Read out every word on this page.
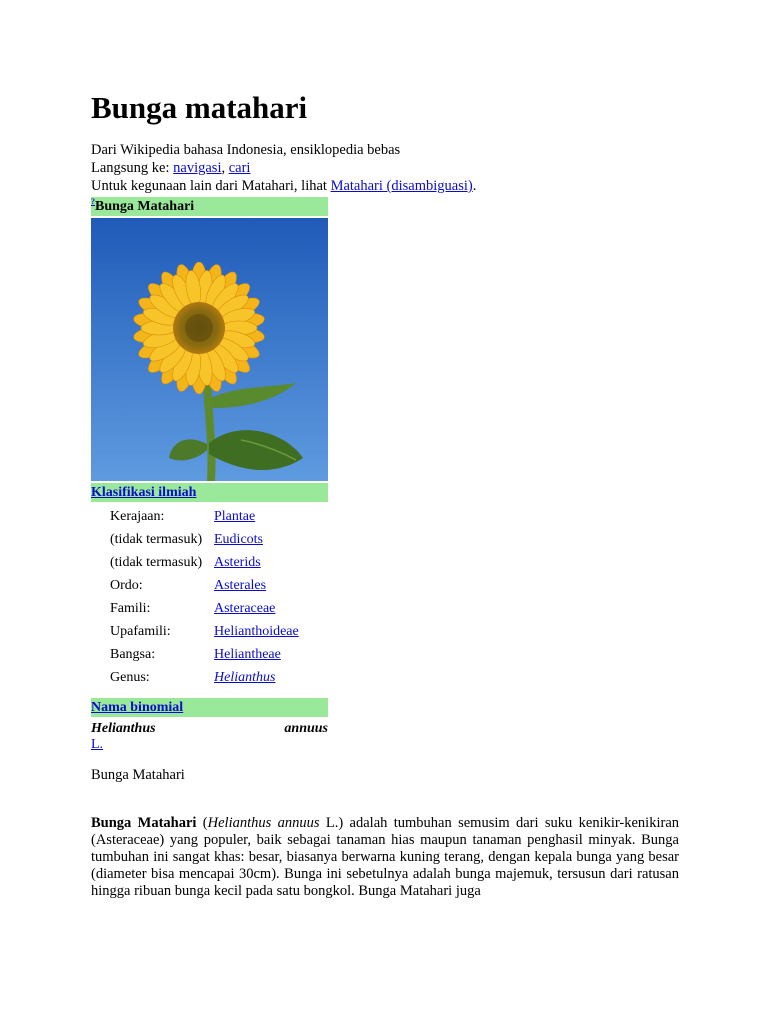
Bunga matahari
Dari Wikipedia bahasa Indonesia, ensiklopedia bebas
Langsung ke: navigasi, cari
Untuk kegunaan lain dari Matahari, lihat Matahari (disambiguasi).
?Bunga Matahari
Klasifikasi ilmiah
Kerajaan:	Plantae
(tidak termasuk)	Eudicots
(tidak termasuk)	Asterids
Ordo:	Asterales
Famili:	Asteraceae
Upafamili:	Helianthoideae
Bangsa:	Heliantheae
Genus:	Helianthus
Nama binomial
Helianthus	annuus
L.
Bunga Matahari

Bunga Matahari (Helianthus annuus L.) adalah tumbuhan semusim dari suku kenikir-kenikiran (Asteraceae) yang populer, baik sebagai tanaman hias maupun tanaman penghasil minyak. Bunga tumbuhan ini sangat khas: besar, biasanya berwarna kuning terang, dengan kepala bunga yang besar (diameter bisa mencapai 30cm). Bunga ini sebetulnya adalah bunga majemuk, tersusun dari ratusan hingga ribuan bunga kecil pada satu bongkol. Bunga Matahari juga
